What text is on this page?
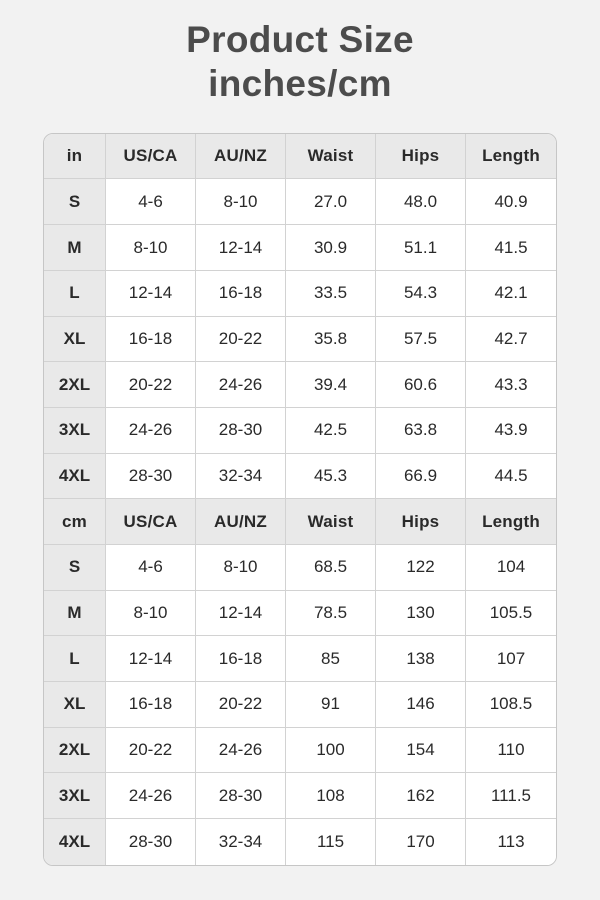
Product Size
inches/cm
in	US/CA	AU/NZ	Waist	Hips	Length
S	4-6	8-10	27.0	48.0	40.9
M	8-10	12-14	30.9	51.1	41.5
L	12-14	16-18	33.5	54.3	42.1
XL	16-18	20-22	35.8	57.5	42.7
2XL	20-22	24-26	39.4	60.6	43.3
3XL	24-26	28-30	42.5	63.8	43.9
4XL	28-30	32-34	45.3	66.9	44.5
cm	US/CA	AU/NZ	Waist	Hips	Length
S	4-6	8-10	68.5	122	104
M	8-10	12-14	78.5	130	105.5
L	12-14	16-18	85	138	107
XL	16-18	20-22	91	146	108.5
2XL	20-22	24-26	100	154	110
3XL	24-26	28-30	108	162	111.5
4XL	28-30	32-34	115	170	113
